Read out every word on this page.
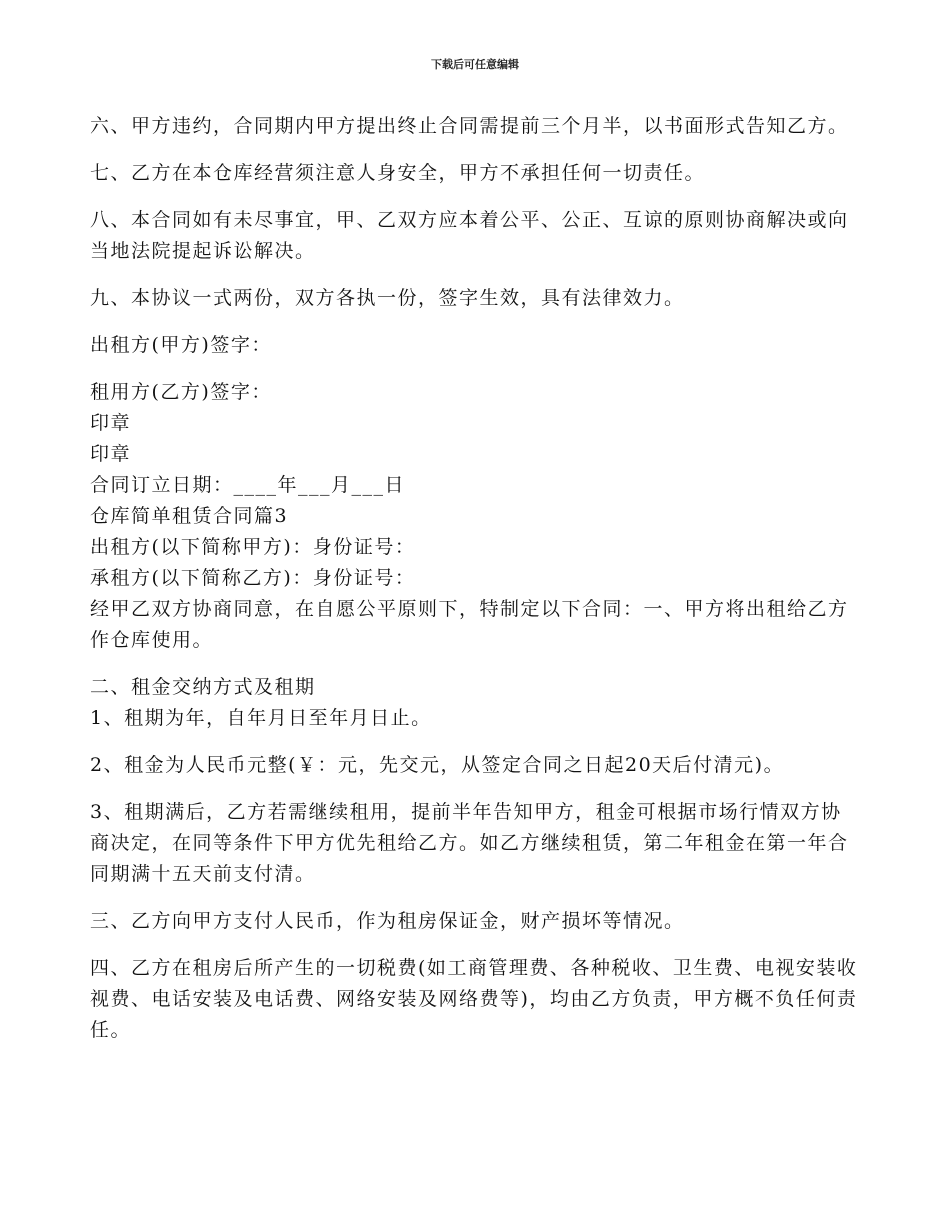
下载后可任意编辑

六、甲方违约，合同期内甲方提出终止合同需提前三个月半，以书面形式告知乙方。

七、乙方在本仓库经营须注意人身安全，甲方不承担任何一切责任。

八、本合同如有未尽事宜，甲、乙双方应本着公平、公正、互谅的原则协商解决或向当地法院提起诉讼解决。

九、本协议一式两份，双方各执一份，签字生效，具有法律效力。

出租方(甲方)签字：

租用方(乙方)签字：

印章

印章

合同订立日期：____年___月___日

仓库简单租赁合同篇3

出租方(以下简称甲方)：身份证号：

承租方(以下简称乙方)：身份证号：

经甲乙双方协商同意，在自愿公平原则下，特制定以下合同：一、甲方将出租给乙方作仓库使用。

二、租金交纳方式及租期

1、租期为年，自年月日至年月日止。

2、租金为人民币元整(￥：元，先交元，从签定合同之日起20天后付清元)。

3、租期满后，乙方若需继续租用，提前半年告知甲方，租金可根据市场行情双方协商决定，在同等条件下甲方优先租给乙方。如乙方继续租赁，第二年租金在第一年合同期满十五天前支付清。

三、乙方向甲方支付人民币，作为租房保证金，财产损坏等情况。

四、乙方在租房后所产生的一切税费(如工商管理费、各种税收、卫生费、电视安装收视费、电话安装及电话费、网络安装及网络费等)，均由乙方负责，甲方概不负任何责任。
